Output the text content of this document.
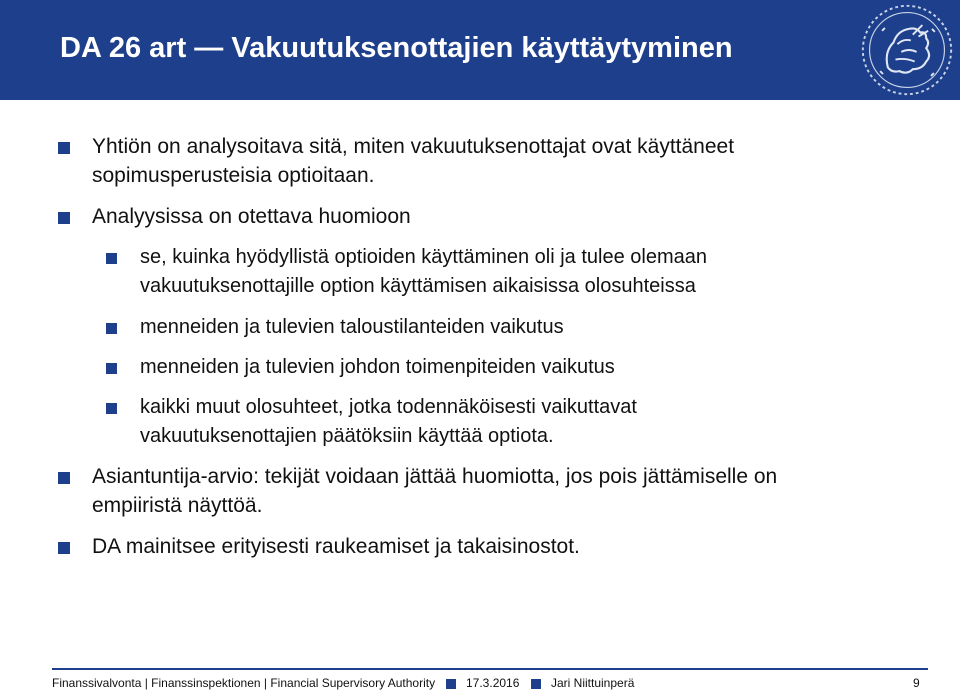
DA 26 art — Vakuutuksenottajien käyttäytyminen
Yhtiön on analysoitava sitä, miten vakuutuksenottajat ovat käyttäneet
sopimusperusteisia optioitaan.
Analyysissa on otettava huomioon
se, kuinka hyödyllistä optioiden käyttäminen oli ja tulee olemaan
vakuutuksenottajille option käyttämisen aikaisissa olosuhteissa
menneiden ja tulevien taloustilanteiden vaikutus
menneiden ja tulevien johdon toimenpiteiden vaikutus
kaikki muut olosuhteet, jotka todennäköisesti vaikuttavat
vakuutuksenottajien päätöksiin käyttää optiota.
Asiantuntija-arvio: tekijät voidaan jättää huomiotta, jos pois jättämiselle on
empiiristä näyttöä.
DA mainitsee erityisesti raukeamiset ja takaisinostot.
Finanssivalvonta | Finanssinspektionen | Financial Supervisory Authority	17.3.2016	Jari Niittuinperä	9
